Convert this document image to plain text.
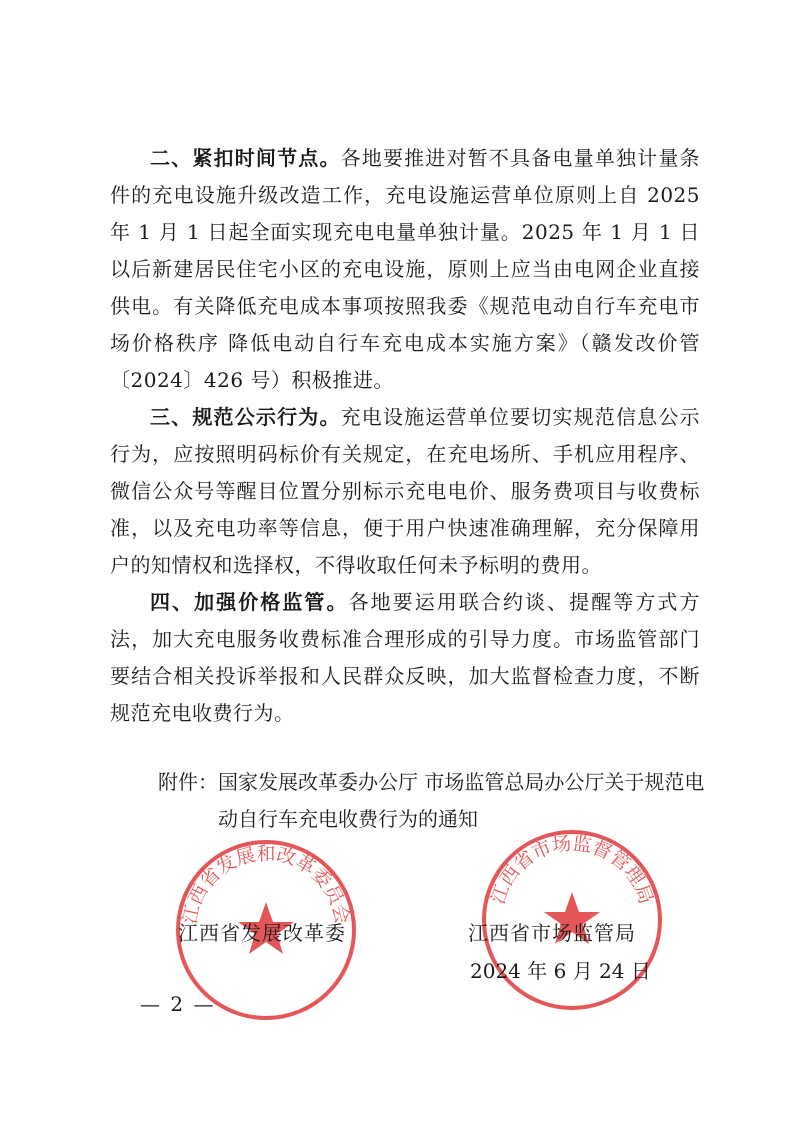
二、紧扣时间节点。各地要推进对暂不具备电量单独计量条件的充电设施升级改造工作，充电设施运营单位原则上自 2025 年 1 月 1 日起全面实现充电电量单独计量。2025 年 1 月 1 日以后新建居民住宅小区的充电设施，原则上应当由电网企业直接供电。有关降低充电成本事项按照我委《规范电动自行车充电市场价格秩序 降低电动自行车充电成本实施方案》（赣发改价管〔2024〕426 号）积极推进。

三、规范公示行为。充电设施运营单位要切实规范信息公示行为，应按照明码标价有关规定，在充电场所、手机应用程序、微信公众号等醒目位置分别标示充电电价、服务费项目与收费标准，以及充电功率等信息，便于用户快速准确理解，充分保障用户的知情权和选择权，不得收取任何未予标明的费用。

四、加强价格监管。各地要运用联合约谈、提醒等方式方法，加大充电服务收费标准合理形成的引导力度。市场监管部门要结合相关投诉举报和人民群众反映，加大监督检查力度，不断规范充电收费行为。

附件： 国家发展改革委办公厅 市场监管总局办公厅关于规范电动自行车充电收费行为的通知
江西省发展和改革委员会
江西省市场监督管理局
江西省发展改革委	江西省市场监管局
2024 年 6 月 24 日
— 2 —
